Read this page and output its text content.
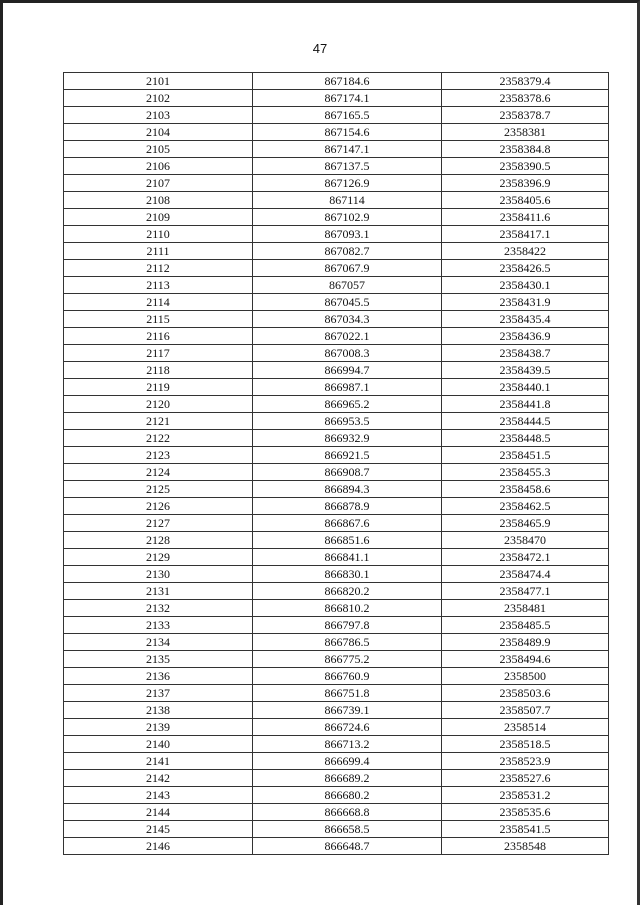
47
2101	867184.6	2358379.4
2102	867174.1	2358378.6
2103	867165.5	2358378.7
2104	867154.6	2358381
2105	867147.1	2358384.8
2106	867137.5	2358390.5
2107	867126.9	2358396.9
2108	867114	2358405.6
2109	867102.9	2358411.6
2110	867093.1	2358417.1
2111	867082.7	2358422
2112	867067.9	2358426.5
2113	867057	2358430.1
2114	867045.5	2358431.9
2115	867034.3	2358435.4
2116	867022.1	2358436.9
2117	867008.3	2358438.7
2118	866994.7	2358439.5
2119	866987.1	2358440.1
2120	866965.2	2358441.8
2121	866953.5	2358444.5
2122	866932.9	2358448.5
2123	866921.5	2358451.5
2124	866908.7	2358455.3
2125	866894.3	2358458.6
2126	866878.9	2358462.5
2127	866867.6	2358465.9
2128	866851.6	2358470
2129	866841.1	2358472.1
2130	866830.1	2358474.4
2131	866820.2	2358477.1
2132	866810.2	2358481
2133	866797.8	2358485.5
2134	866786.5	2358489.9
2135	866775.2	2358494.6
2136	866760.9	2358500
2137	866751.8	2358503.6
2138	866739.1	2358507.7
2139	866724.6	2358514
2140	866713.2	2358518.5
2141	866699.4	2358523.9
2142	866689.2	2358527.6
2143	866680.2	2358531.2
2144	866668.8	2358535.6
2145	866658.5	2358541.5
2146	866648.7	2358548
